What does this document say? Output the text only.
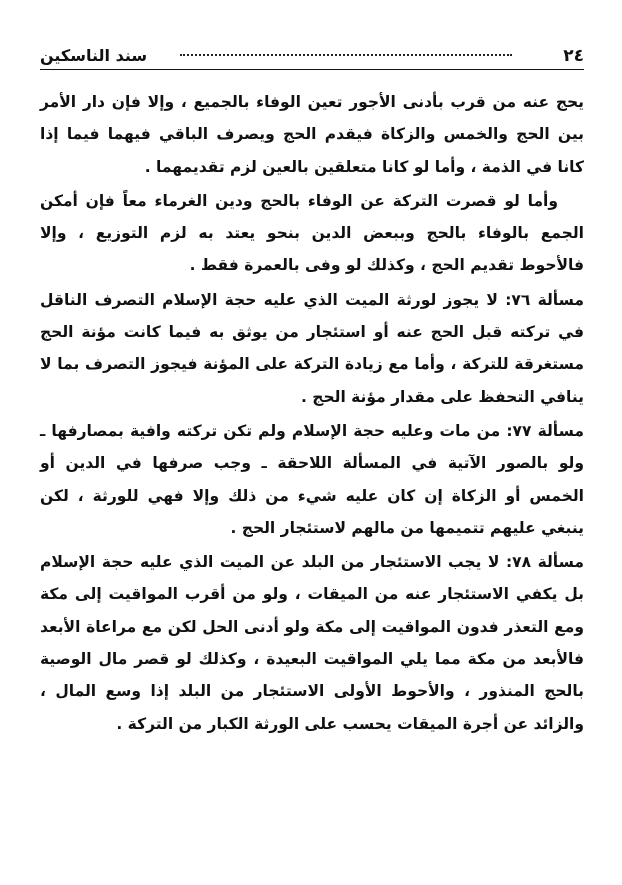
٢٤
سند الناسكين

يحج عنه من قرب بأدنى الأجور تعين الوفاء بالجميع ، وإلا فإن دار الأمر بين الحج والخمس والزكاة فيقدم الحج ويصرف الباقي فيهما فيما إذا كانا في الذمة ، وأما لو كانا متعلقين بالعين لزم تقديمهما .

وأما لو قصرت التركة عن الوفاء بالحج ودين الغرماء معاً فإن أمكن الجمع بالوفاء بالحج وببعض الدين بنحو يعتد به لزم التوزيع ، وإلا فالأحوط تقديم الحج ، وكذلك لو وفى بالعمرة فقط .

مسألة ٧٦: لا يجوز لورثة الميت الذي عليه حجة الإسلام التصرف الناقل في تركته قبل الحج عنه أو استئجار من يوثق به فيما كانت مؤنة الحج مستغرقة للتركة ، وأما مع زيادة التركة على المؤنة فيجوز التصرف بما لا ينافي التحفظ على مقدار مؤنة الحج .

مسألة ٧٧: من مات وعليه حجة الإسلام ولم تكن تركته وافية بمصارفها ـ ولو بالصور الآتية في المسألة اللاحقة ـ وجب صرفها في الدين أو الخمس أو الزكاة إن كان عليه شيء من ذلك وإلا فهي للورثة ، لكن ينبغي عليهم تتميمها من مالهم لاستئجار الحج .

مسألة ٧٨: لا يجب الاستئجار من البلد عن الميت الذي عليه حجة الإسلام بل يكفي الاستئجار عنه من الميقات ، ولو من أقرب المواقيت إلى مكة ومع التعذر فدون المواقيت إلى مكة ولو أدنى الحل لكن مع مراعاة الأبعد فالأبعد من مكة مما يلي المواقيت البعيدة ، وكذلك لو قصر مال الوصية بالحج المنذور ، والأحوط الأولى الاستئجار من البلد إذا وسع المال ، والزائد عن أجرة الميقات يحسب على الورثة الكبار من التركة .
